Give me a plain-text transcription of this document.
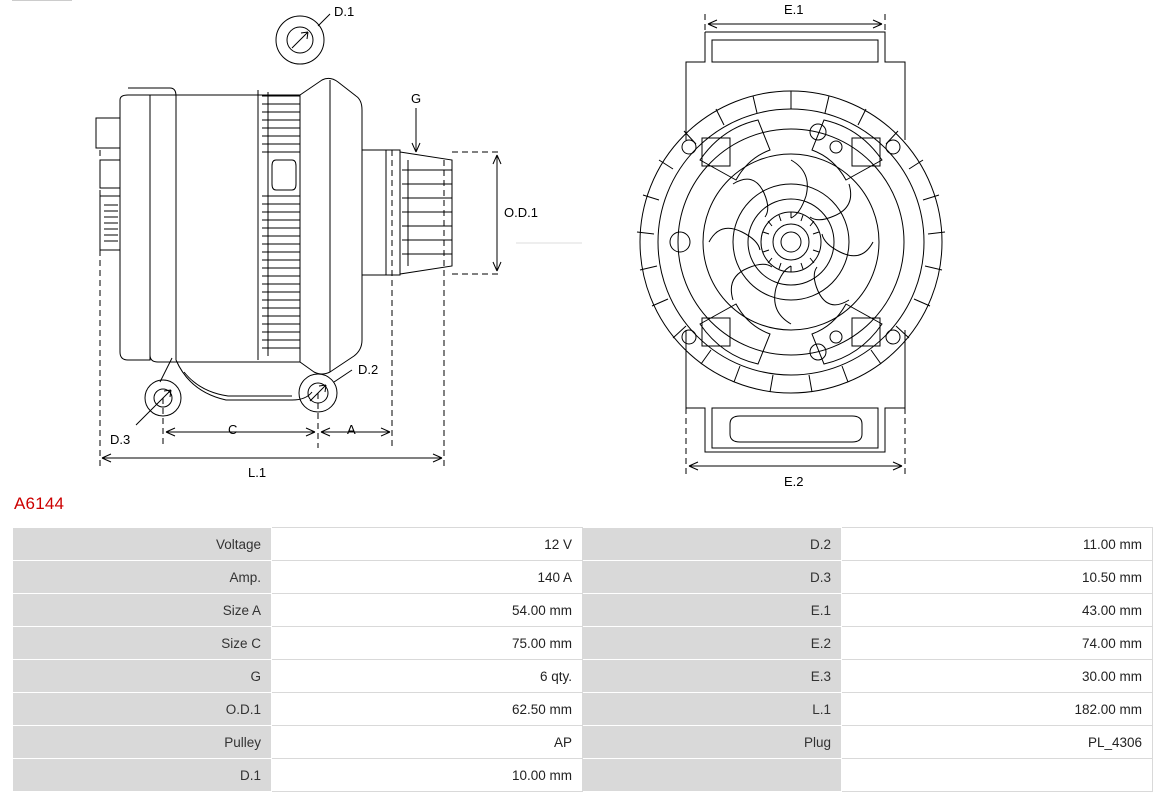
D.1
D.2
D.3
G
O.D.1
C	A
L.1
E.1
E.2
A6144
Voltage	12 V	D.2	11.00 mm
Amp.	140 A	D.3	10.50 mm
Size A	54.00 mm	E.1	43.00 mm
Size C	75.00 mm	E.2	74.00 mm
G	6 qty.	E.3	30.00 mm
O.D.1	62.50 mm	L.1	182.00 mm
Pulley	AP	Plug	PL_4306
D.1	10.00 mm		
